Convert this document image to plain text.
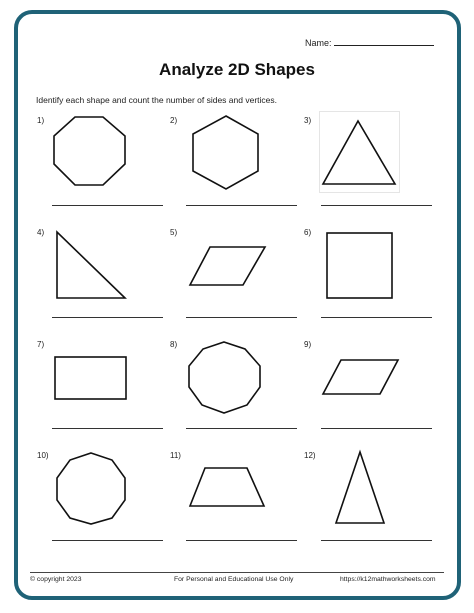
Name:
Analyze 2D Shapes
Identify each shape and count the number of sides and vertices.
1)	2)	3)
4)	5)	6)
7)	8)	9)
10)	11)	12)
© copyright 2023	For Personal and Educational Use Only	https://k12mathworksheets.com
